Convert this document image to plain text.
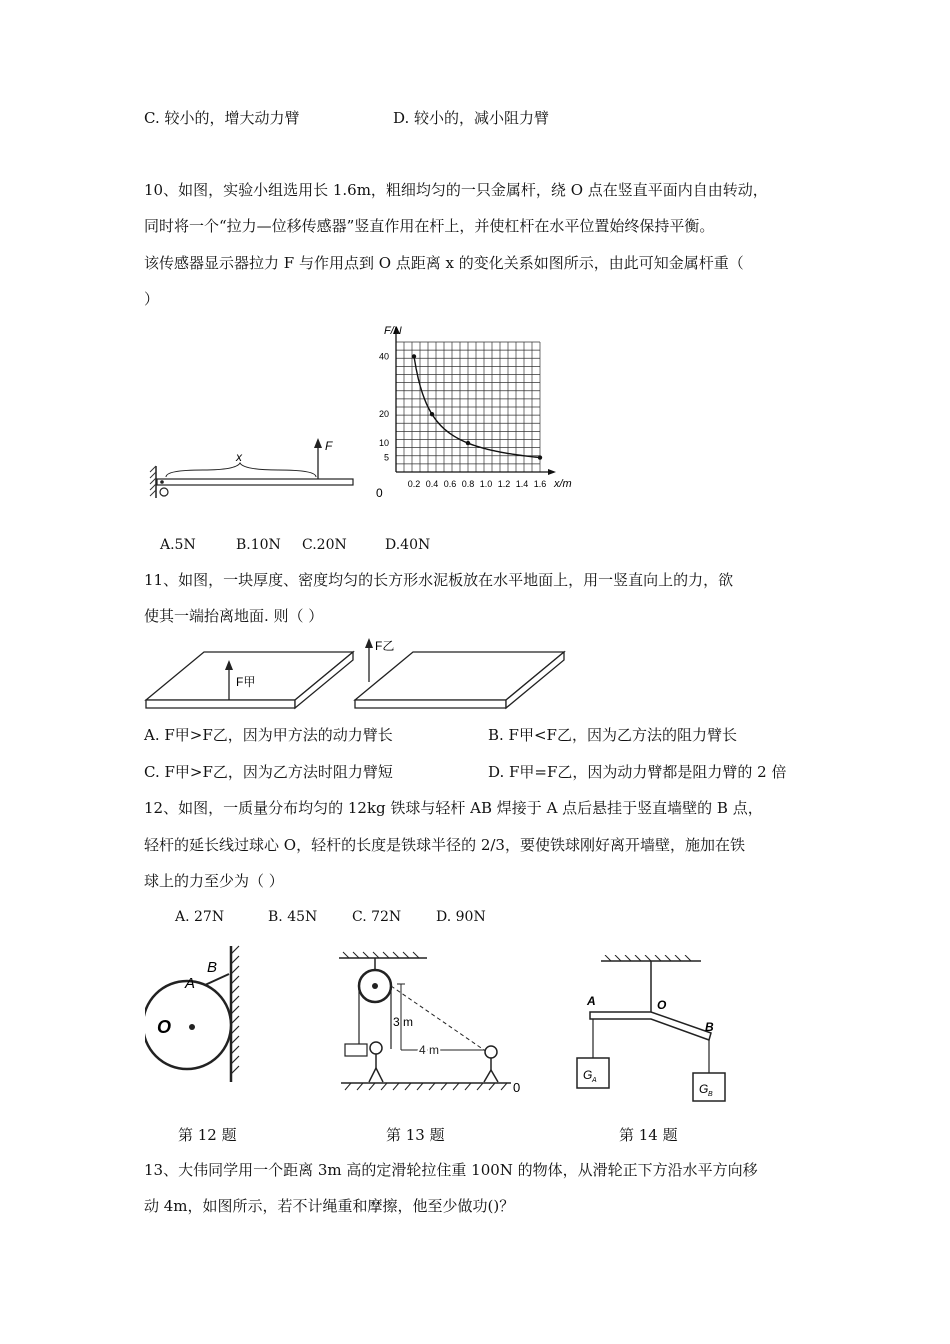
C. 较小的，增大动力臂	D. 较小的，减小阻力臂
10、如图，实验小组选用长 1.6m，粗细均匀的一只金属杆，绕 O 点在竖直平面内自由转动，
同时将一个“拉力—位移传感器”竖直作用在杆上，并使杠杆在水平位置始终保持平衡。
该传感器显示器拉力 F 与作用点到 O 点距离 x 的变化关系如图所示，由此可知金属杆重（
）
x
F
F/N
x/m
0
0.2 0.4 0.6 0.8 1.0 1.2 1.4 1.6
5
10
20
40
A.5N	B.10N C.20N	D.40N
11、如图，一块厚度、密度均匀的长方形水泥板放在水平地面上，用一竖直向上的力，欲
使其一端抬离地面. 则（ ）
F甲
F乙
A. F甲>F乙，因为甲方法的动力臂长	B. F甲<F乙，因为乙方法的阻力臂长
C. F甲>F乙，因为乙方法时阻力臂短	D. F甲=F乙，因为动力臂都是阻力臂的 2 倍
12、如图，一质量分布均匀的 12kg 铁球与轻杆 AB 焊接于 A 点后悬挂于竖直墙壁的 B 点，
轻杆的延长线过球心 O，轻杆的长度是铁球半径的 2/3，要使铁球刚好离开墙壁，施加在铁
球上的力至少为（ ）
A. 27N	B. 45N C. 72N D. 90N
O
A
B
3 m
4 m
0
A	O
B
G A
G B
第 12 题	第 13 题	第 14 题
13、大伟同学用一个距离 3m 高的定滑轮拉住重 100N 的物体，从滑轮正下方沿水平方向移
动 4m，如图所示，若不计绳重和摩擦，他至少做功()？
